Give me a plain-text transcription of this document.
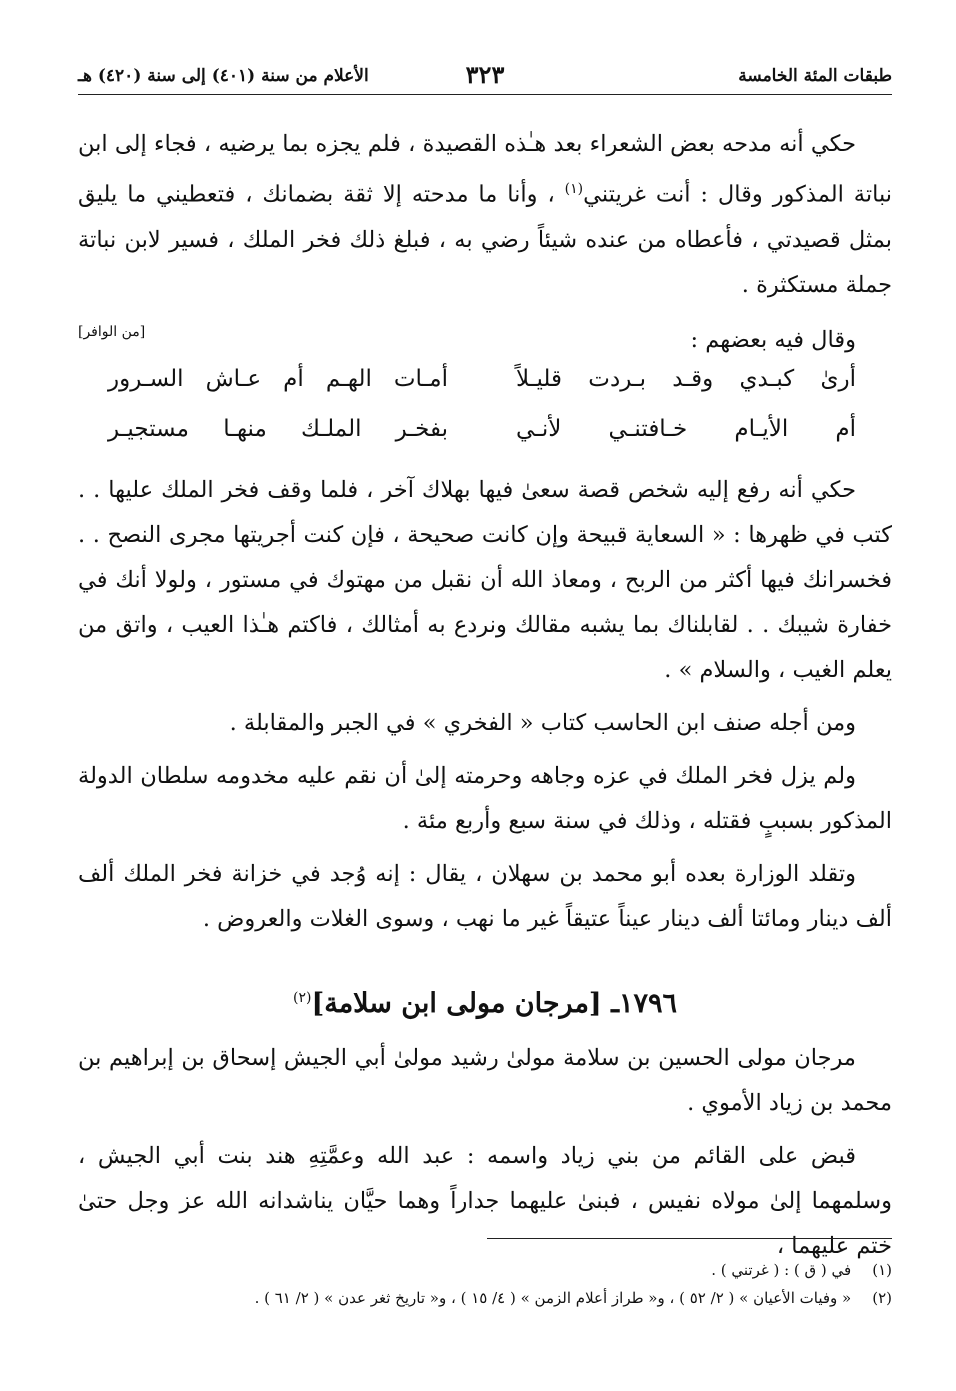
طبقات المئة الخامسة
٣٢٣
الأعلام من سنة (٤٠١) إلى سنة (٤٢٠) هـ

حكي أنه مدحه بعض الشعراء بعد هـٰذه القصيدة ، فلم يجزه بما يرضيه ، فجاء إلى ابن نباتة المذكور وقال : أنت غريتني$^{(١)}$ ، وأنا ما مدحته إلا ثقة بضمانك ، فتعطيني ما يليق بمثل قصيدتي ، فأعطاه من عنده شيئاً رضي به ، فبلغ ذلك فخر الملك ، فسير لابن نباتة جملة مستكثرة .

وقال فيه بعضهم :
[من الوافر]
أرىٰ كبـدي وقـد بـردت قليـلاً
أمـات الهـم أم عـاش السـرور
أم الأيـام خـافتنـي لأنـي
بفخـر الملـك منهـا مستجيـر

حكي أنه رفع إليه شخص قصة سعىٰ فيها بهلاك آخر ، فلما وقف فخر الملك عليها . . كتب في ظهرها : « السعاية قبيحة وإن كانت صحيحة ، فإن كنت أجريتها مجرى النصح . . فخسرانك فيها أكثر من الربح ، ومعاذ الله أن نقبل من مهتوك في مستور ، ولولا أنك في خفارة شيبك . . لقابلناك بما يشبه مقالك ونردع به أمثالك ، فاكتم هـٰذا العيب ، واتق من يعلم الغيب ، والسلام » .

ومن أجله صنف ابن الحاسب كتاب « الفخري » في الجبر والمقابلة .

ولم يزل فخر الملك في عزه وجاهه وحرمته إلىٰ أن نقم عليه مخدومه سلطان الدولة المذكور بسببٍ فقتله ، وذلك في سنة سبع وأربع مئة .

وتقلد الوزارة بعده أبو محمد بن سهلان ، يقال : إنه وُجد في خزانة فخر الملك ألف ألف دينار ومائتا ألف دينار عيناً عتيقاً غير ما نهب ، وسوى الغلات والعروض .

١٧٩٦ـ [مرجان مولى ابن سلامة]$^{(٢)}$

مرجان مولى الحسين بن سلامة مولىٰ رشيد مولىٰ أبي الجيش إسحاق بن إبراهيم بن محمد بن زياد الأموي .

قبض على القائم من بني زياد واسمه : عبد الله وعمَّتِهِ هند بنت أبي الجيش ، وسلمهما إلىٰ مولاه نفيس ، فبنىٰ عليهما جداراً وهما حيَّان يناشدانه الله عز وجل حتىٰ ختم عليهما ،

(١) في ( ق ) : ( غرتني ) .
(٢) « وفيات الأعيان » ( ٢/ ٥٢ ) ، و« طراز أعلام الزمن » ( ٤/ ١٥ ) ، و« تاريخ ثغر عدن » ( ٢/ ٦١ ) .
